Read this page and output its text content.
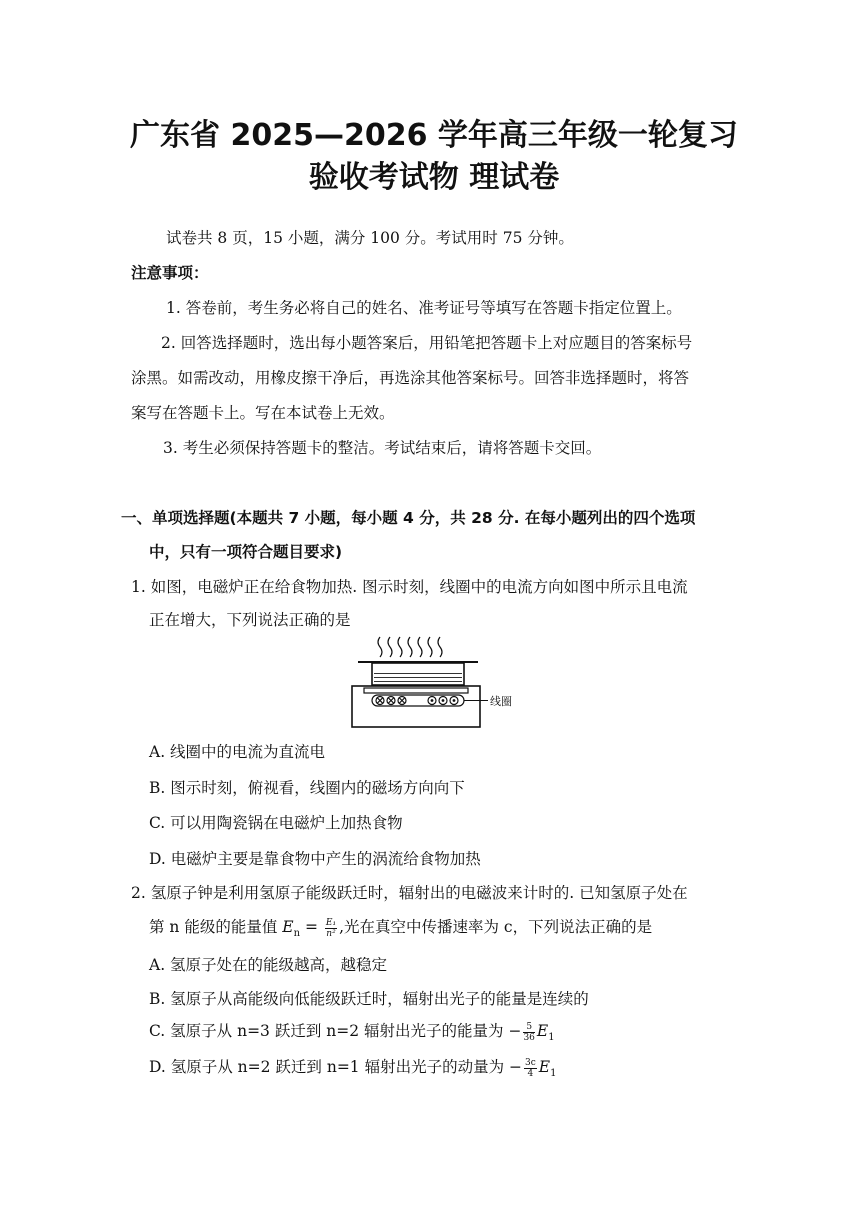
广东省 2025—2026 学年高三年级一轮复习
验收考试物 理试卷
试卷共 8 页，15 小题，满分 100 分。考试用时 75 分钟。
注意事项：
1. 答卷前，考生务必将自己的姓名、准考证号等填写在答题卡指定位置上。
2. 回答选择题时，选出每小题答案后，用铅笔把答题卡上对应题目的答案标号
涂黑。如需改动，用橡皮擦干净后，再选涂其他答案标号。回答非选择题时，将答
案写在答题卡上。写在本试卷上无效。
3. 考生必须保持答题卡的整洁。考试结束后，请将答题卡交回。
一、单项选择题(本题共 7 小题，每小题 4 分，共 28 分. 在每小题列出的四个选项
中，只有一项符合题目要求)
1. 如图，电磁炉正在给食物加热. 图示时刻，线圈中的电流方向如图中所示且电流
正在增大，下列说法正确的是
线圈
A. 线圈中的电流为直流电
B. 图示时刻，俯视看，线圈内的磁场方向向下
C. 可以用陶瓷锅在电磁炉上加热食物
D. 电磁炉主要是靠食物中产生的涡流给食物加热
2. 氢原子钟是利用氢原子能级跃迁时，辐射出的电磁波来计时的. 已知氢原子处在
第 n 能级的能量值 $E_n = \frac{\text{E₁}}{\text{n²}}$ ,光在真空中传播速率为 c，下列说法正确的是
A. 氢原子处在的能级越高，越稳定
B. 氢原子从高能级向低能级跃迁时，辐射出光子的能量是连续的
C. 氢原子从 n=3 跃迁到 n=2 辐射出光子的能量为 − $\frac{5}{36} E_1$
D. 氢原子从 n=2 跃迁到 n=1 辐射出光子的动量为 − $\frac{3c}{4} E_1$
